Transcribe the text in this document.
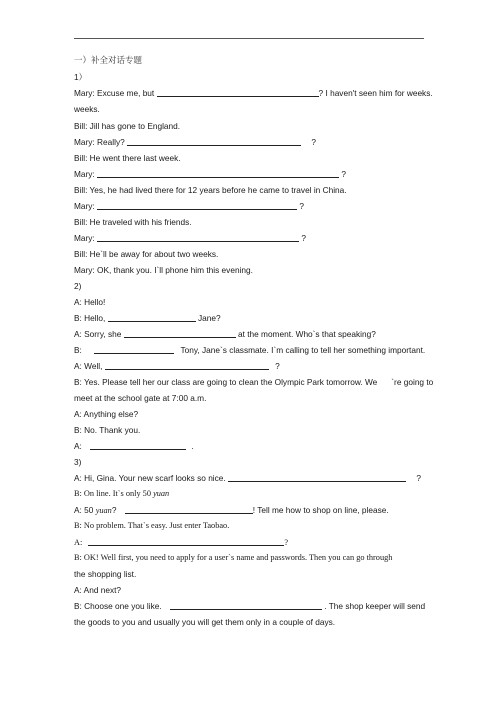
一）补全对话专题
1）
Mary: Excuse me, but	? I haven't seen him for weeks.
weeks.
Bill: Jill has gone to England.
Mary: Really?	?
Bill: He went there last week.
Mary:	?
Bill: Yes, he had lived there for 12 years before he came to travel in China.
Mary:	?
Bill: He traveled with his friends.
Mary:	?
Bill: He`ll be away for about two weeks.
Mary: OK, thank you. I`ll phone him this evening.
2)
A: Hello!
B: Hello,	Jane?
A: Sorry, she	at the moment. Who`s that speaking?
B:	Tony, Jane`s classmate. I`m calling to tell her something important.
A: Well,	?
B: Yes. Please tell her our class are going to clean the Olympic Park tomorrow. We `re going to
meet at the school gate at 7:00 a.m.
A: Anything else?
B: No. Thank you.
A:	.
3)
A: Hi, Gina. Your new scarf looks so nice.	?
B: On line. It`s only 50 yuan
A: 50 yuan?	! Tell me how to shop on line, please.
B: No problem. That`s easy. Just enter Taobao.
A:	?
B: OK! Well first, you need to apply for a user`s name and passwords. Then you can go through
the shopping list.
A: And next?
B: Choose one you like.	. The shop keeper will send
the goods to you and usually you will get them only in a couple of days.
